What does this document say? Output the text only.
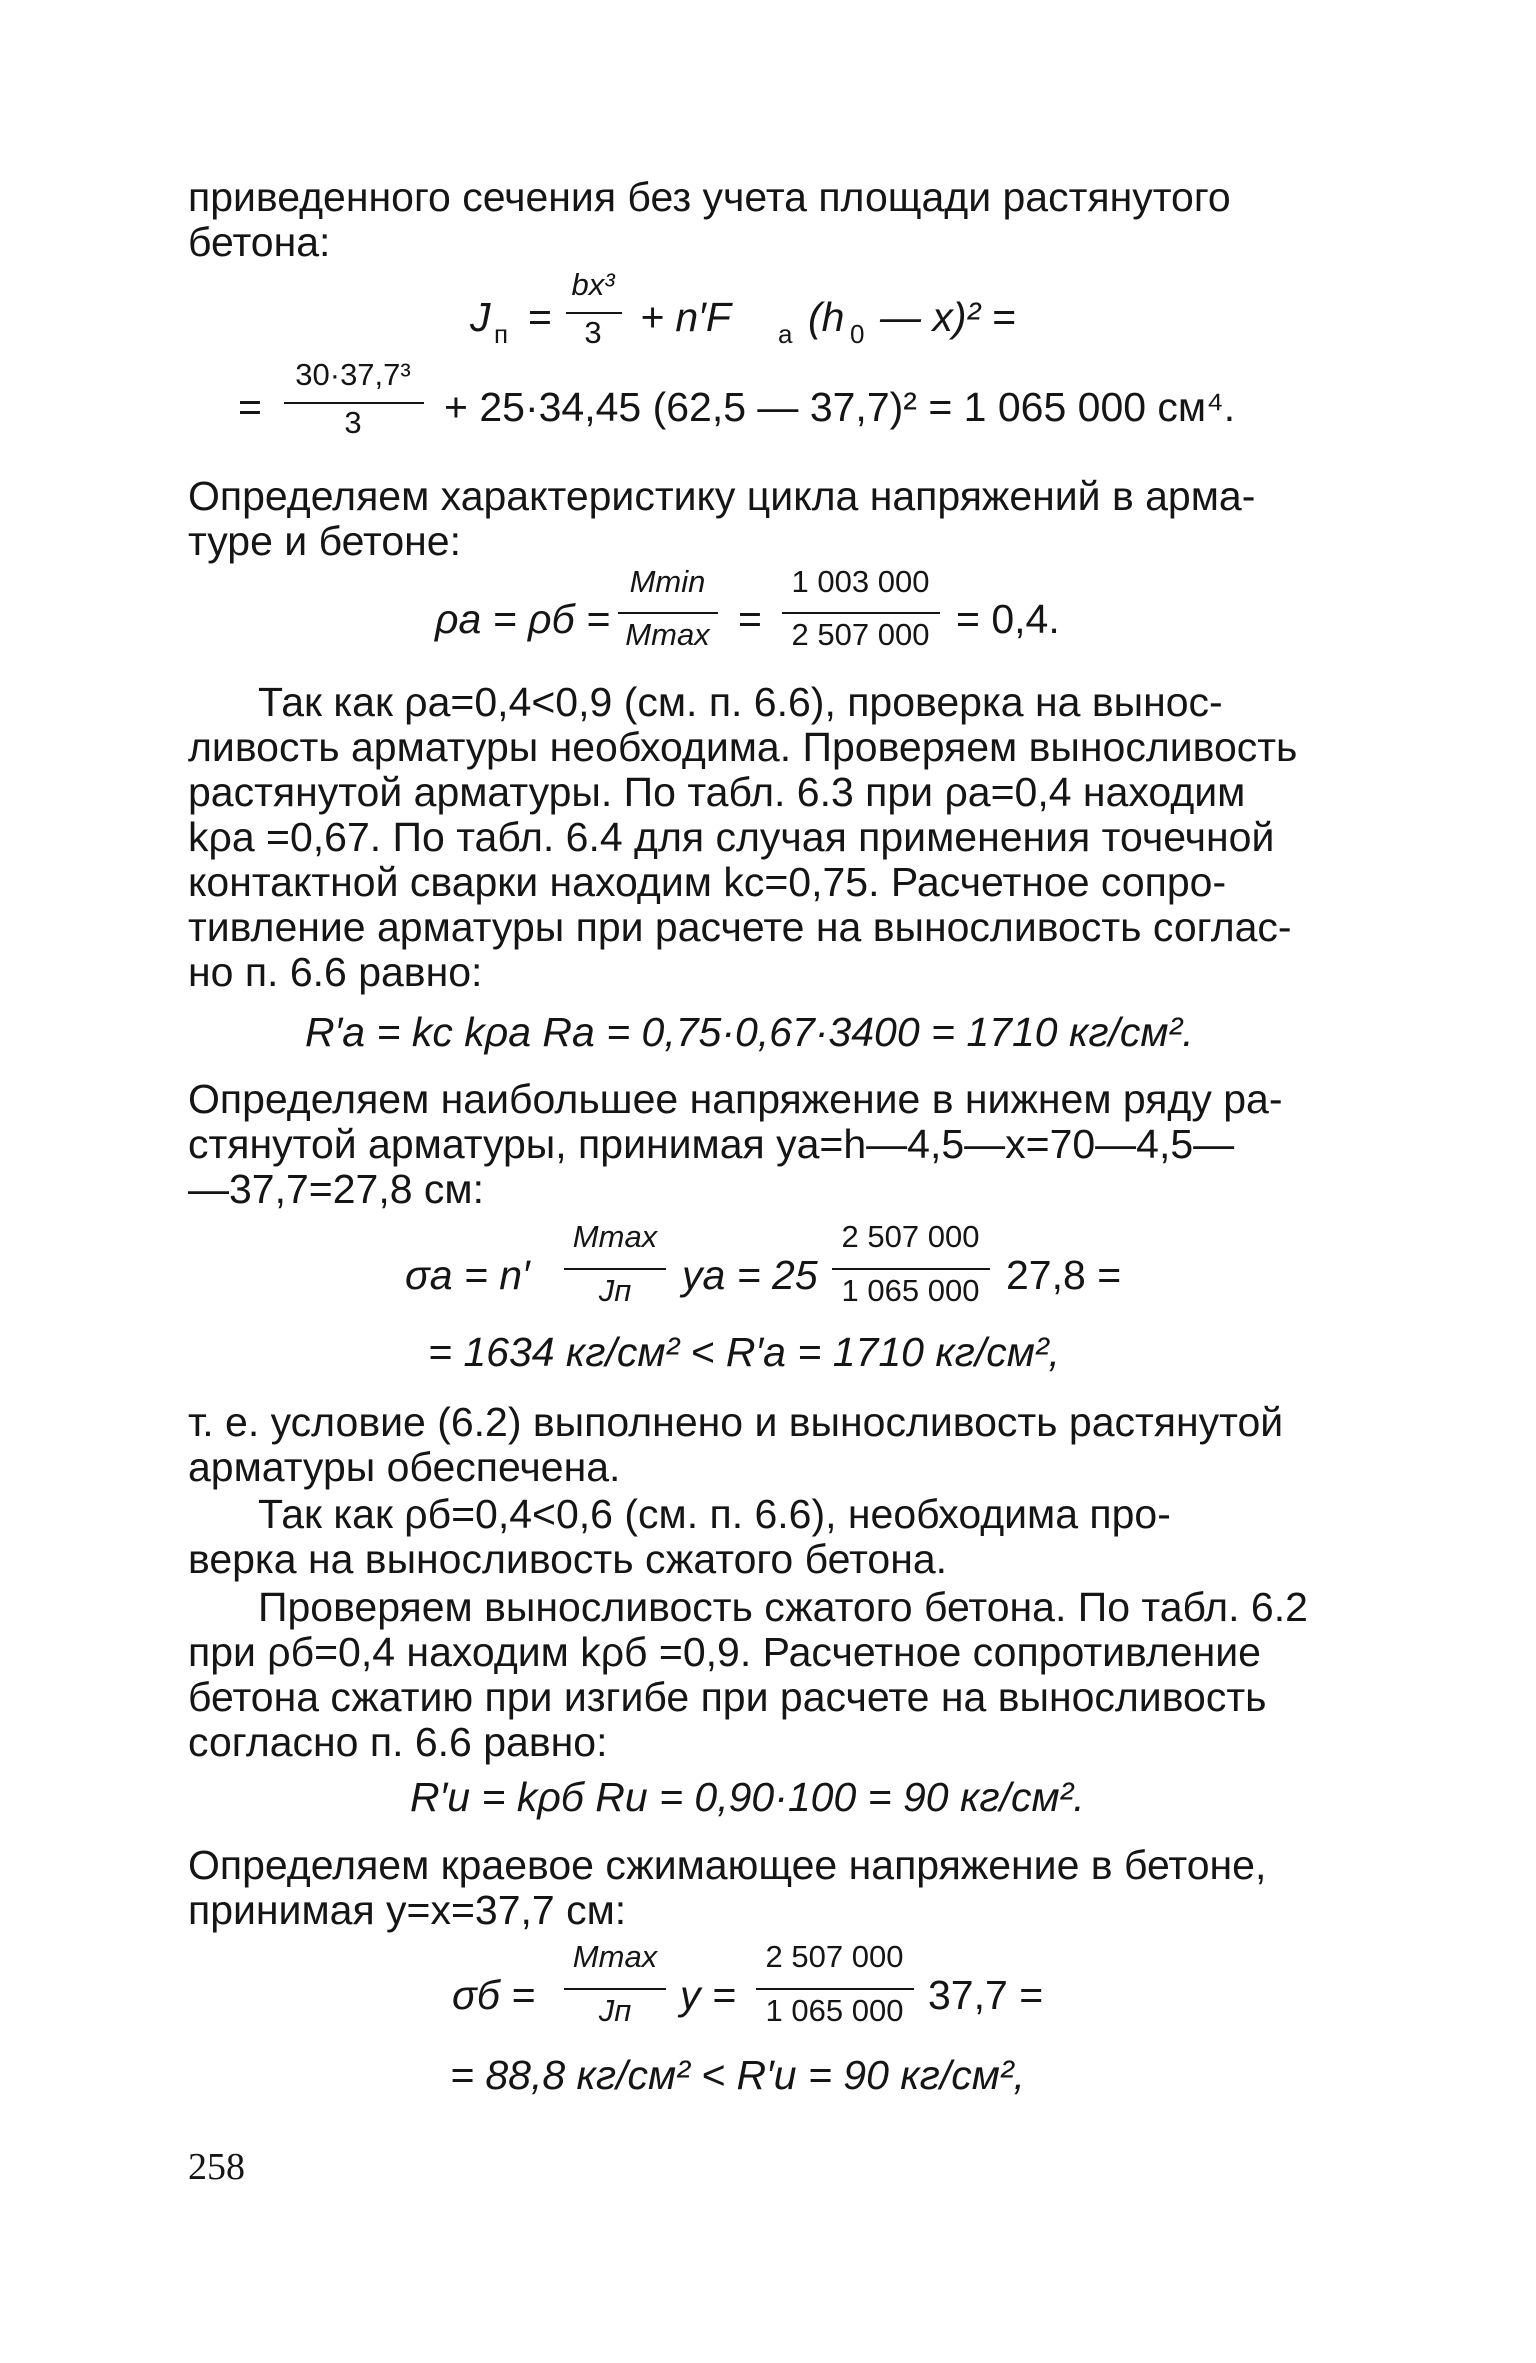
приведенного сечения без учета площади растянутого
бетона:
J п =
bx³
3 + n′F а (h 0 — x)² =
=
30·37,7³
3	+ 25·34,45 (62,5 — 37,7)² = 1 065 000 см⁴.
Определяем характеристику цикла напряжений в арма-
туре и бетоне:
ρа = ρб =
Mmin
Mmax =
1 003 000
2 507 000 = 0,4.
Так как ρа=0,4<0,9 (см. п. 6.6), проверка на вынос-
ливость арматуры необходима. Проверяем выносливость
растянутой арматуры. По табл. 6.3 при ρа=0,4 находим
kρа =0,67. По табл. 6.4 для случая применения точечной
контактной сварки находим kс=0,75. Расчетное сопро-
тивление арматуры при расчете на выносливость соглас-
но п. 6.6 равно:
R′а = kс kρа Rа = 0,75·0,67·3400 = 1710 кг/см².
Определяем наибольшее напряжение в нижнем ряду ра-
стянутой арматуры, принимая yа=h—4,5—x=70—4,5—
—37,7=27,8 см:
σа = n′
Mmax
Jп	yа = 25
2 507 000
1 065 000 27,8 =
= 1634 кг/см² < R′а = 1710 кг/см²,
т. е. условие (6.2) выполнено и выносливость растянутой
арматуры обеспечена.
Так как ρб=0,4<0,6 (см. п. 6.6), необходима про-
верка на выносливость сжатого бетона.
Проверяем выносливость сжатого бетона. По табл. 6.2
при ρб=0,4 находим kρб =0,9. Расчетное сопротивление
бетона сжатию при изгибе при расчете на выносливость
согласно п. 6.6 равно:
R′и = kρб Rи = 0,90·100 = 90 кг/см².
Определяем краевое сжимающее напряжение в бетоне,
принимая y=x=37,7 см:
σб =
Mmax
Jп	y =
2 507 000
1 065 000 37,7 =
= 88,8 кг/см² < R′и = 90 кг/см²,
258
